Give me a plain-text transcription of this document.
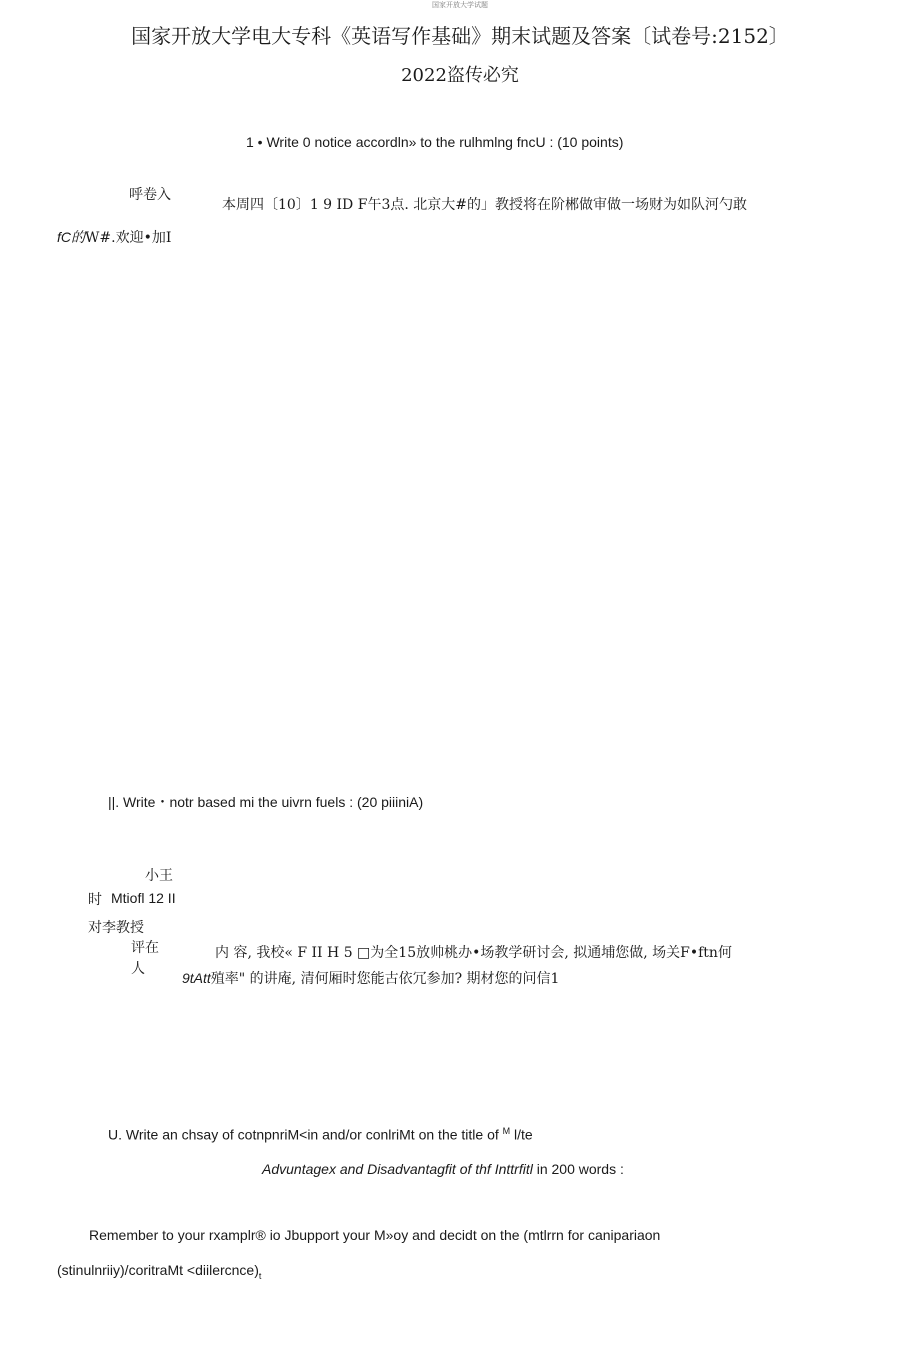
国家开放大学试题
国家开放大学电大专科《英语写作基础》期末试题及答案〔试卷号:2152〕
2022盗传必究
1 • Write 0 notice accordln» to the rulhmlng fncU : (10 points)
呼卷入
本周四〔10〕1 9 ID F午3点. 北京大#的」教授将在阶郴做审做一场财为如队河勺敢
fC的W#.欢迎•加I
||. Write・notr based mi the uivrn fuels : (20 piiiniA)
小王
时 Mtiofl 12 II
对李教授
评在
人
内 容, 我校« F II H 5 □为全15放帅桃办•场教学研讨会, 拟通埔您做, 场关F•ftn何
9tAtt殖率" 的讲庵, 清何厢时您能古依冗参加? 期材您的问信1
U. Write an chsay of cotnpnriM<in and/or conlriMt on the title of $^M$ l/te
Advuntagex and Disadvantagfit of thf Inttrfitl in 200 words :
Remember to your rxamplr® io Jbupport your M»oy and decidt on the (mtlrrn for canipariaon
(stinulnriiy)/coritraMt $<diilercnce)_t$
